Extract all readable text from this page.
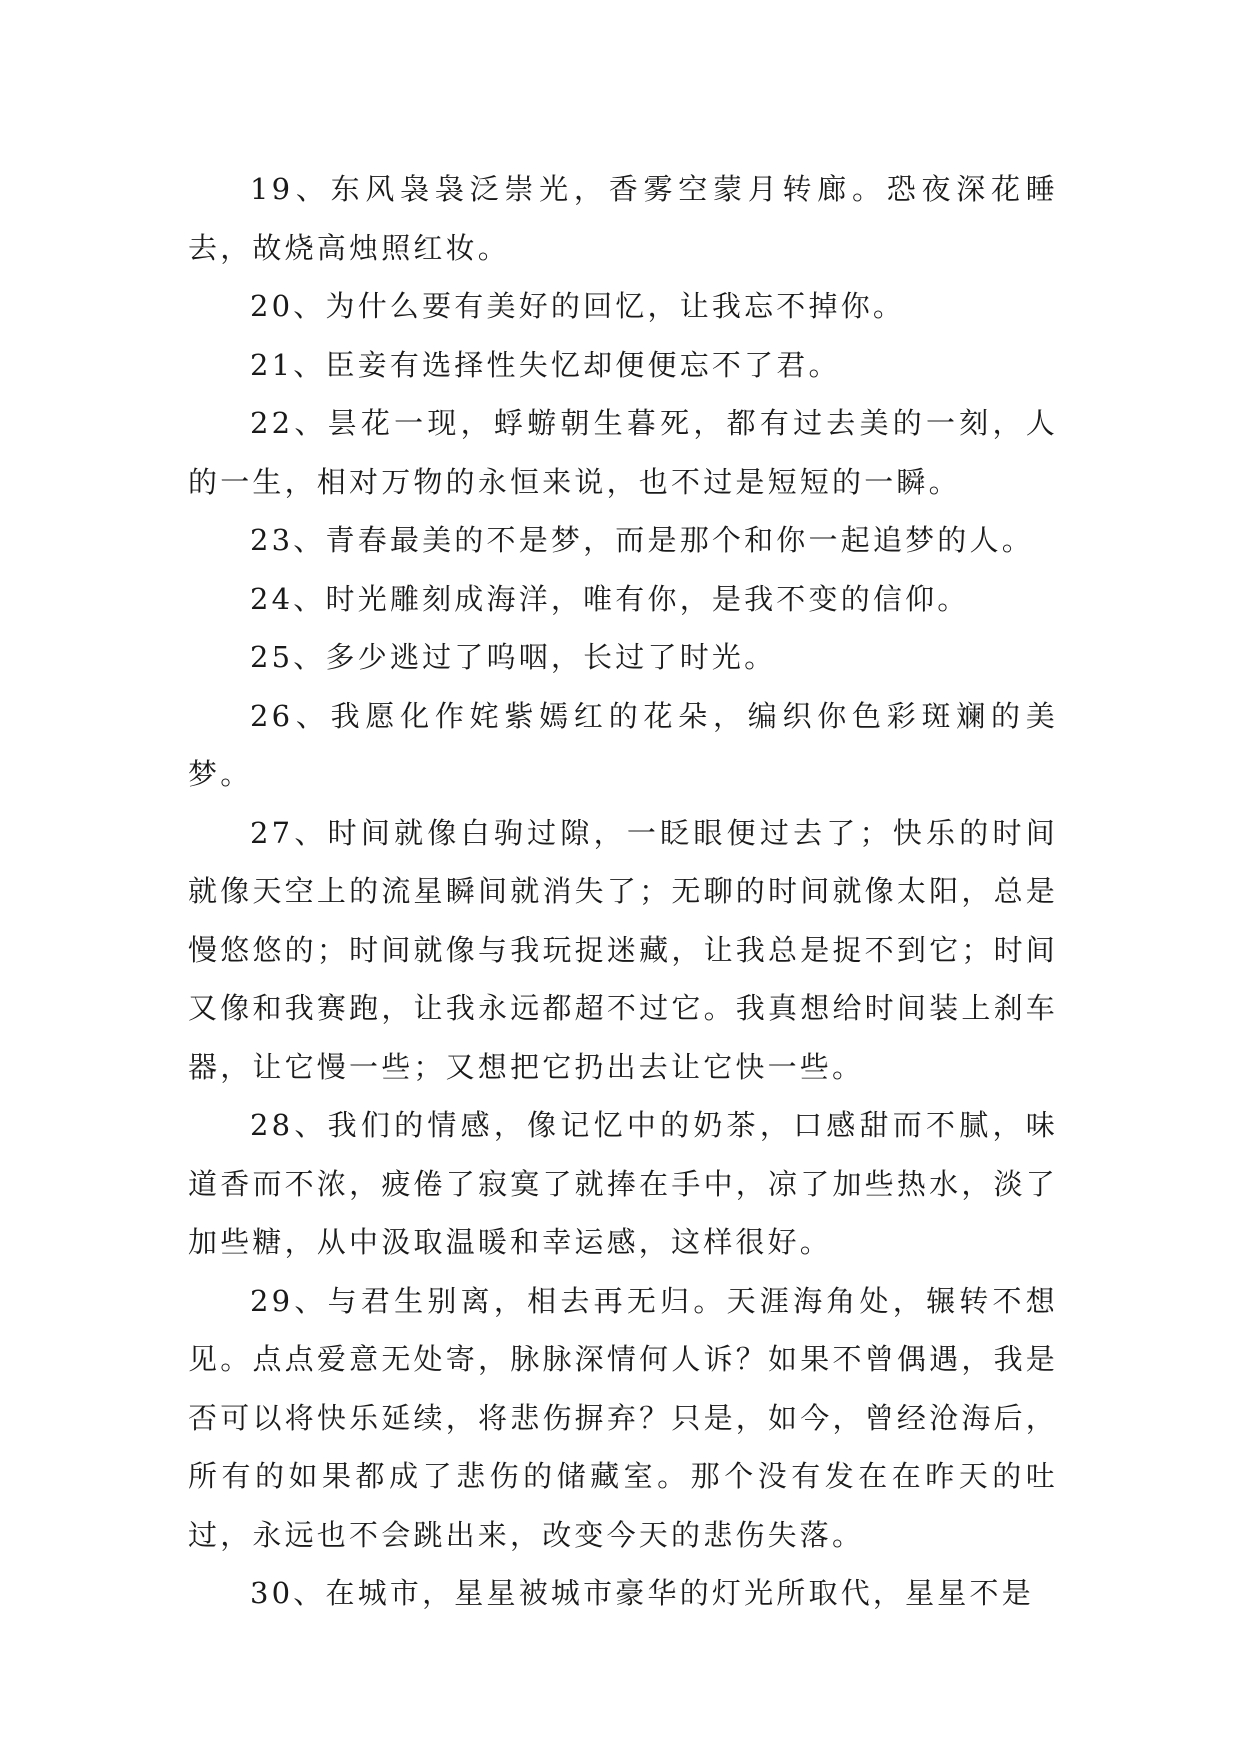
19、东风袅袅泛崇光，香雾空蒙月转廊。恐夜深花睡去，故烧高烛照红妆。

20、为什么要有美好的回忆，让我忘不掉你。

21、臣妾有选择性失忆却便便忘不了君。

22、昙花一现，蜉蝣朝生暮死，都有过去美的一刻，人的一生，相对万物的永恒来说，也不过是短短的一瞬。

23、青春最美的不是梦，而是那个和你一起追梦的人。

24、时光雕刻成海洋，唯有你，是我不变的信仰。

25、多少逃过了呜咽，长过了时光。

26、我愿化作姹紫嫣红的花朵，编织你色彩斑斓的美梦。

27、时间就像白驹过隙，一眨眼便过去了；快乐的时间就像天空上的流星瞬间就消失了；无聊的时间就像太阳，总是慢悠悠的；时间就像与我玩捉迷藏，让我总是捉不到它；时间又像和我赛跑，让我永远都超不过它。我真想给时间装上刹车器，让它慢一些；又想把它扔出去让它快一些。

28、我们的情感，像记忆中的奶茶，口感甜而不腻，味道香而不浓，疲倦了寂寞了就捧在手中，凉了加些热水，淡了加些糖，从中汲取温暖和幸运感，这样很好。

29、与君生别离，相去再无归。天涯海角处，辗转不想见。点点爱意无处寄，脉脉深情何人诉？如果不曾偶遇，我是否可以将快乐延续，将悲伤摒弃？只是，如今，曾经沧海后，所有的如果都成了悲伤的储藏室。那个没有发在在昨天的吐过，永远也不会跳出来，改变今天的悲伤失落。

30、在城市，星星被城市豪华的灯光所取代，星星不是
